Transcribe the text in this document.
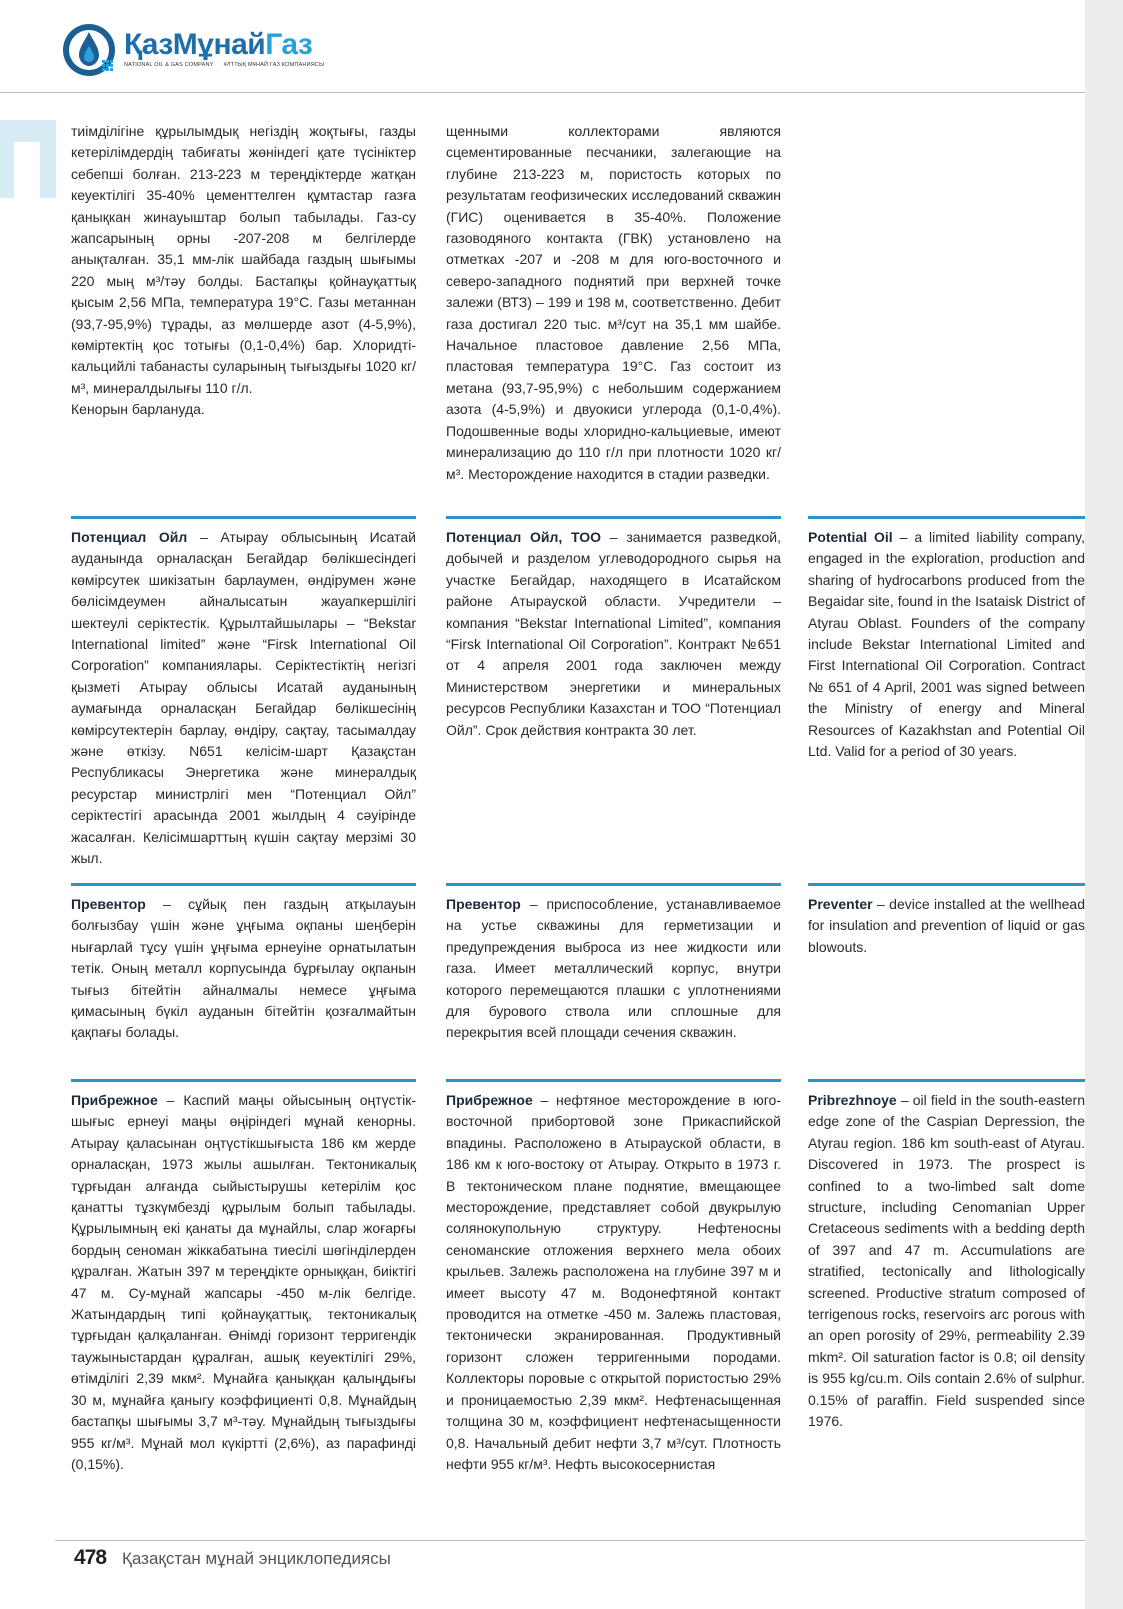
ҚазМұнайГаз
NATIONAL OIL & GAS COMPANY ҰЛТТЫҚ МҰНАЙ ГАЗ КОМПАНИЯСЫ

тиімділігіне құрылымдық негіздің жоқтығы, газды кетерілімдердің табиғаты жөніндегі қате түсініктер себепші болған. 213-223 м тереңдіктерде жатқан кеуектілігі 35-40% цементтелген құмтастар газға қанықкан жинауыштар болып табылады. Газ-су жапсарының орны -207-208 м белгілерде анықталған. 35,1 мм-лік шайбада газдың шығымы 220 мың м³/тәу болды. Бастапқы қойнауқаттық қысым 2,56 МПа, температура 19°С. Газы метаннан (93,7-95,9%) тұрады, аз мөлшерде азот (4-5,9%), көміртектің қос тотығы (0,1-0,4%) бар. Хлоридті-кальцийлі табанасты суларының тығыздығы 1020 кг/м³, минералдылығы 110 г/л.

Кенорын барлануда.

щенными коллекторами являются сцементированные песчаники, залегающие на глубине 213-223 м, пористость которых по результатам геофизических исследований скважин (ГИС) оценивается в 35-40%. Положение газоводяного контакта (ГВК) установлено на отметках -207 и -208 м для юго-восточного и северо-западного поднятий при верхней точке залежи (ВТЗ) – 199 и 198 м, соответственно. Дебит газа достигал 220 тыс. м³/сут на 35,1 мм шайбе. Начальное пластовое давление 2,56 МПа, пластовая температура 19°С. Газ состоит из метана (93,7-95,9%) с небольшим содержанием азота (4-5,9%) и двуокиси углерода (0,1-0,4%). Подошвенные воды хлоридно-кальциевые, имеют минерализацию до 110 г/л при плотности 1020 кг/м³. Месторождение находится в стадии разведки.

Потенциал Ойл – Атырау облысының Исатай ауданында орналасқан Бегайдар бөлікшесіндегі көмірсутек шикізатын барлаумен, өндірумен және бөлісімдеумен айналысатын жауапкершілігі шектеулі серіктестік. Құрылтайшылары – “Bekstar International limited” және “Firsk International Oil Corporation” компаниялары. Серіктестіктің негізгі қызметі Атырау облысы Исатай ауданының аумағында орналасқан Бегайдар бөлікшесінің көмірсутектерін барлау, өндіру, сақтау, тасымалдау және өткізу. N651 келісім-шарт Қазақстан Республикасы Энергетика және минералдық ресурстар министрлігі мен “Потенциал Ойл” серіктестігі арасында 2001 жылдың 4 сәуірінде жасалған. Келісімшарттың күшін сақтау мерзімі 30 жыл.

Потенциал Ойл, ТОО – занимается разведкой, добычей и разделом углеводородного сырья на участке Бегайдар, находящего в Исатайском районе Атырауской области. Учредители – компания “Bekstar International Limited”, компания “Firsk International Oil Corporation”. Контракт №651 от 4 апреля 2001 года заключен между Министерством энергетики и минеральных ресурсов Республики Казахстан и ТОО “Потенциал Ойл”. Срок действия контракта 30 лет.

Potential Oil – a limited liability company, engaged in the exploration, production and sharing of hydrocarbons produced from the Begaidar site, found in the Isataisk District of Atyrau Oblast. Founders of the company include Bekstar International Limited and First International Oil Corporation. Contract № 651 of 4 April, 2001 was signed between the Ministry of energy and Mineral Resources of Kazakhstan and Potential Oil Ltd. Valid for a period of 30 years.

Превентор – сұйық пен газдың атқылауын болғызбау үшін және ұңғыма оқпаны шеңберін нығарлай тұсу үшін ұңғыма ернеуіне орнатылатын тетік. Оның металл корпусында бұрғылау оқпанын тығыз бітейтін айналмалы немесе ұңғыма қимасының бүкіл ауданын бітейтін қозғалмайтын қақпағы болады.

Превентор – приспособление, устанавливаемое на устье скважины для герметизации и предупреждения выброса из нее жидкости или газа. Имеет металлический корпус, внутри которого перемещаются плашки с уплотнениями для бурового ствола или сплошные для перекрытия всей площади сечения скважин.

Preventer – device installed at the wellhead for insulation and prevention of liquid or gas blowouts.

Прибрежное – Каспий маңы ойысының оңтүстік-шығыс ернеуі маңы өңіріндегі мұнай кенорны. Атырау қаласынан оңтүстікшығыста 186 км жерде орналасқан, 1973 жылы ашылған. Тектоникалық тұрғыдан алғанда сыйыстырушы кетерілім қос қанатты тұзкүмбезді құрылым болып табылады. Құрылымның екі қанаты да мұнайлы, слар жоғарғы бордың сеноман жіккабатына тиесілі шөгінділерден құралған. Жатын 397 м тереңдікте орныққан, биіктігі 47 м. Су-мұнай жапсары -450 м-лік белгіде. Жатындардың типі қойнауқаттық, тектоникалық тұрғыдан қалқаланған. Өнімді горизонт терригендік таужыныстардан құралған, ашық кеуектілігі 29%, өтімділігі 2,39 мкм². Мұнайға қаныққан қалыңдығы 30 м, мұнайға қаныгу коэффициенті 0,8. Мұнайдың бастапқы шығымы 3,7 м³-тәу. Мұнайдың тығыздығы 955 кг/м³. Мұнай мол күкіртті (2,6%), аз парафинді (0,15%).

Прибрежное – нефтяное месторождение в юго-восточной прибортовой зоне Прикаспийской впадины. Расположено в Атырауской области, в 186 км к юго-востоку от Атырау. Открыто в 1973 г. В тектоническом плане поднятие, вмещающее месторождение, представляет собой двукрылую солянокупольную структуру. Нефтеносны сеноманские отложения верхнего мела обоих крыльев. Залежь расположена на глубине 397 м и имеет высоту 47 м. Водонефтяной контакт проводится на отметке -450 м. Залежь пластовая, тектонически экранированная. Продуктивный горизонт сложен терригенными породами. Коллекторы поровые с открытой пористостью 29% и проницаемостью 2,39 мкм². Нефтенасыщенная толщина 30 м, коэффициент нефтенасыщенности 0,8. Начальный дебит нефти 3,7 м³/сут. Плотность нефти 955 кг/м³. Нефть высокосернистая

Pribrezhnoye – oil field in the south-eastern edge zone of the Caspian Depression, the Atyrau region. 186 km south-east of Atyrau. Discovered in 1973. The prospect is confined to a two-limbed salt dome structure, including Cenomanian Upper Cretaceous sediments with a bedding depth of 397 and 47 m. Accumulations are stratified, tectonically and lithologically screened. Productive stratum composed of terrigenous rocks, reservoirs arc porous with an open porosity of 29%, permeability 2.39 mkm². Oil saturation factor is 0.8; oil density is 955 kg/cu.m. Oils contain 2.6% of sulphur. 0.15% of paraffin. Field suspended since 1976.

478 Қазақстан мұнай энциклопедиясы
